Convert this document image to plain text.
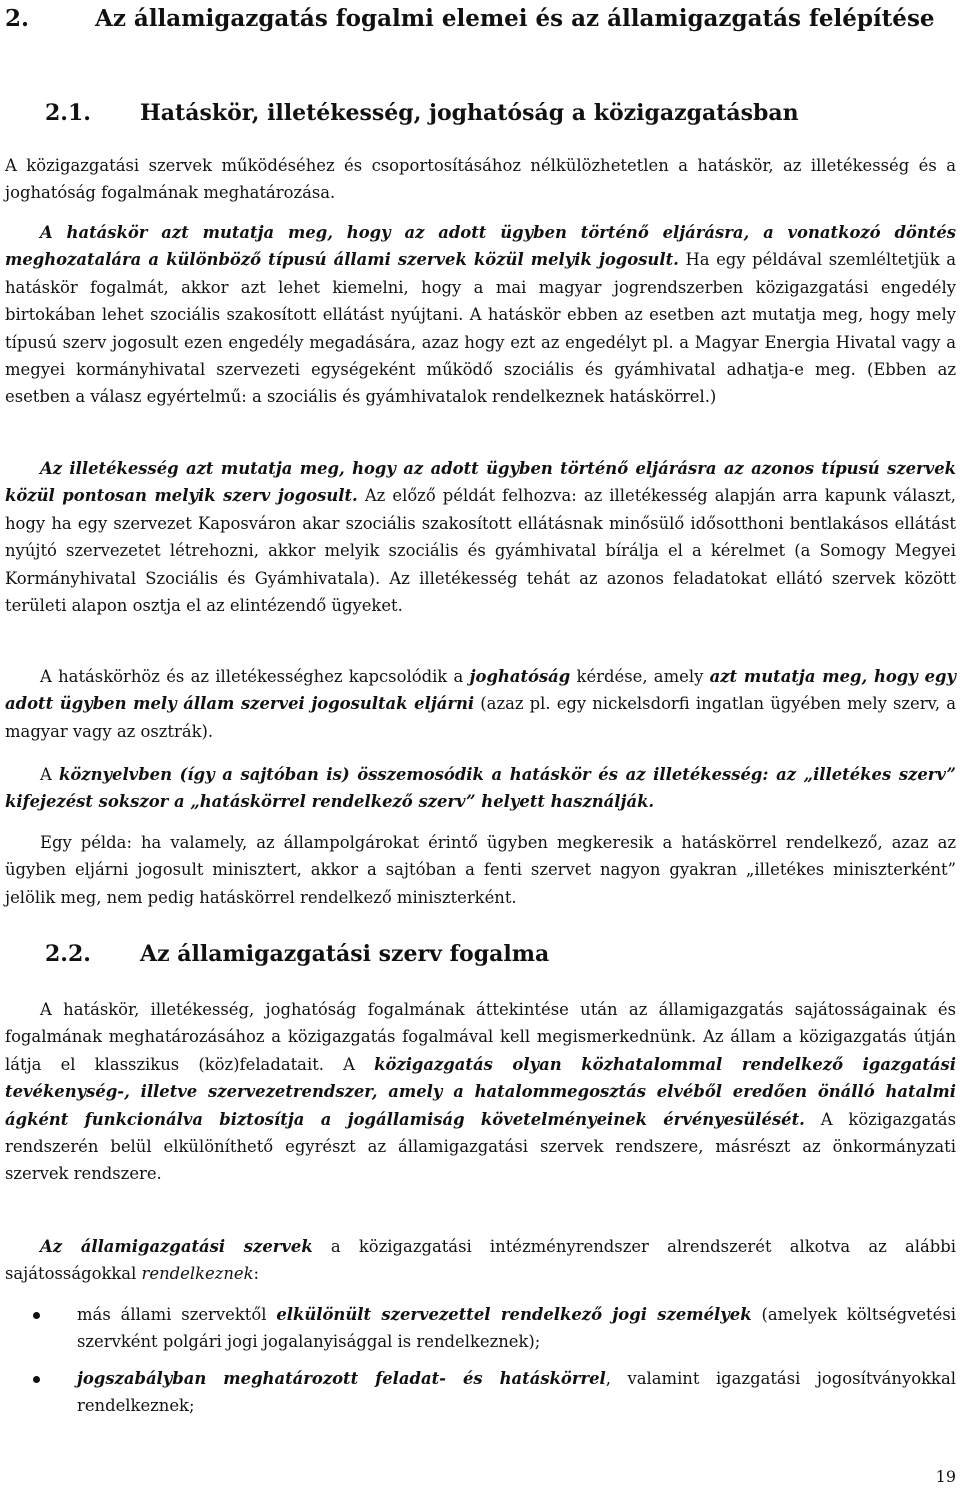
2.	Az államigazgatás fogalmi elemei és az államigazgatás felépítése
2.1. Hatáskör, illetékesség, joghatóság a közigazgatásban

A közigazgatási szervek működéséhez és csoportosításához nélkülözhetetlen a hatáskör, az illetékesség és a joghatóság fogalmának meghatározása.

A hatáskör azt mutatja meg, hogy az adott ügyben történő eljárásra, a vonatkozó döntés meghozatalára a különböző típusú állami szervek közül melyik jogosult. Ha egy példával szemléltetjük a hatáskör fogalmát, akkor azt lehet kiemelni, hogy a mai magyar jogrendszerben közigazgatási engedély birtokában lehet szociális szakosított ellátást nyújtani. A hatáskör ebben az esetben azt mutatja meg, hogy mely típusú szerv jogosult ezen engedély megadására, azaz hogy ezt az engedélyt pl. a Magyar Energia Hivatal vagy a megyei kormányhivatal szervezeti egységeként működő szociális és gyámhivatal adhatja-e meg. (Ebben az esetben a válasz egyértelmű: a szociális és gyámhivatalok rendelkeznek hatáskörrel.)

Az illetékesség azt mutatja meg, hogy az adott ügyben történő eljárásra az azonos típusú szervek közül pontosan melyik szerv jogosult. Az előző példát felhozva: az illetékesség alapján arra kapunk választ, hogy ha egy szervezet Kaposváron akar szociális szakosított ellátásnak minősülő idősotthoni bentlakásos ellátást nyújtó szervezetet létrehozni, akkor melyik szociális és gyámhivatal bírálja el a kérelmet (a Somogy Megyei Kormányhivatal Szociális és Gyámhivatala). Az illetékesség tehát az azonos feladatokat ellátó szervek között területi alapon osztja el az elintézendő ügyeket.

A hatáskörhöz és az illetékességhez kapcsolódik a joghatóság kérdése, amely azt mutatja meg, hogy egy adott ügyben mely állam szervei jogosultak eljárni (azaz pl. egy nickelsdorfi ingatlan ügyében mely szerv, a magyar vagy az osztrák).

A köznyelvben (így a sajtóban is) összemosódik a hatáskör és az illetékesség: az „illetékes szerv” kifejezést sokszor a „hatáskörrel rendelkező szerv” helyett használják.

Egy példa: ha valamely, az állampolgárokat érintő ügyben megkeresik a hatáskörrel rendelkező, azaz az ügyben eljárni jogosult minisztert, akkor a sajtóban a fenti szervet nagyon gyakran „illetékes miniszterként” jelölik meg, nem pedig hatáskörrel rendelkező miniszterként.

2.2. Az államigazgatási szerv fogalma

A hatáskör, illetékesség, joghatóság fogalmának áttekintése után az államigazgatás sajátosságainak és fogalmának meghatározásához a közigazgatás fogalmával kell megismerkednünk. Az állam a közigazgatás útján látja el klasszikus (köz)feladatait. A közigazgatás olyan közhatalommal rendelkező igazgatási tevékenység-, illetve szervezetrendszer, amely a hatalommegosztás elvéből eredően önálló hatalmi ágként funkcionálva biztosítja a jogállamiság követelményeinek érvényesülését. A közigazgatás rendszerén belül elkülöníthető egyrészt az államigazgatási szervek rendszere, másrészt az önkormányzati szervek rendszere.

Az államigazgatási szervek a közigazgatási intézményrendszer alrendszerét alkotva az alábbi sajátosságokkal rendelkeznek:

más állami szervektől elkülönült szervezettel rendelkező jogi személyek (amelyek költségvetési szervként polgári jogi jogalanyisággal is rendelkeznek);
jogszabályban meghatározott feladat- és hatáskörrel, valamint igazgatási jogosítványokkal rendelkeznek;
19
